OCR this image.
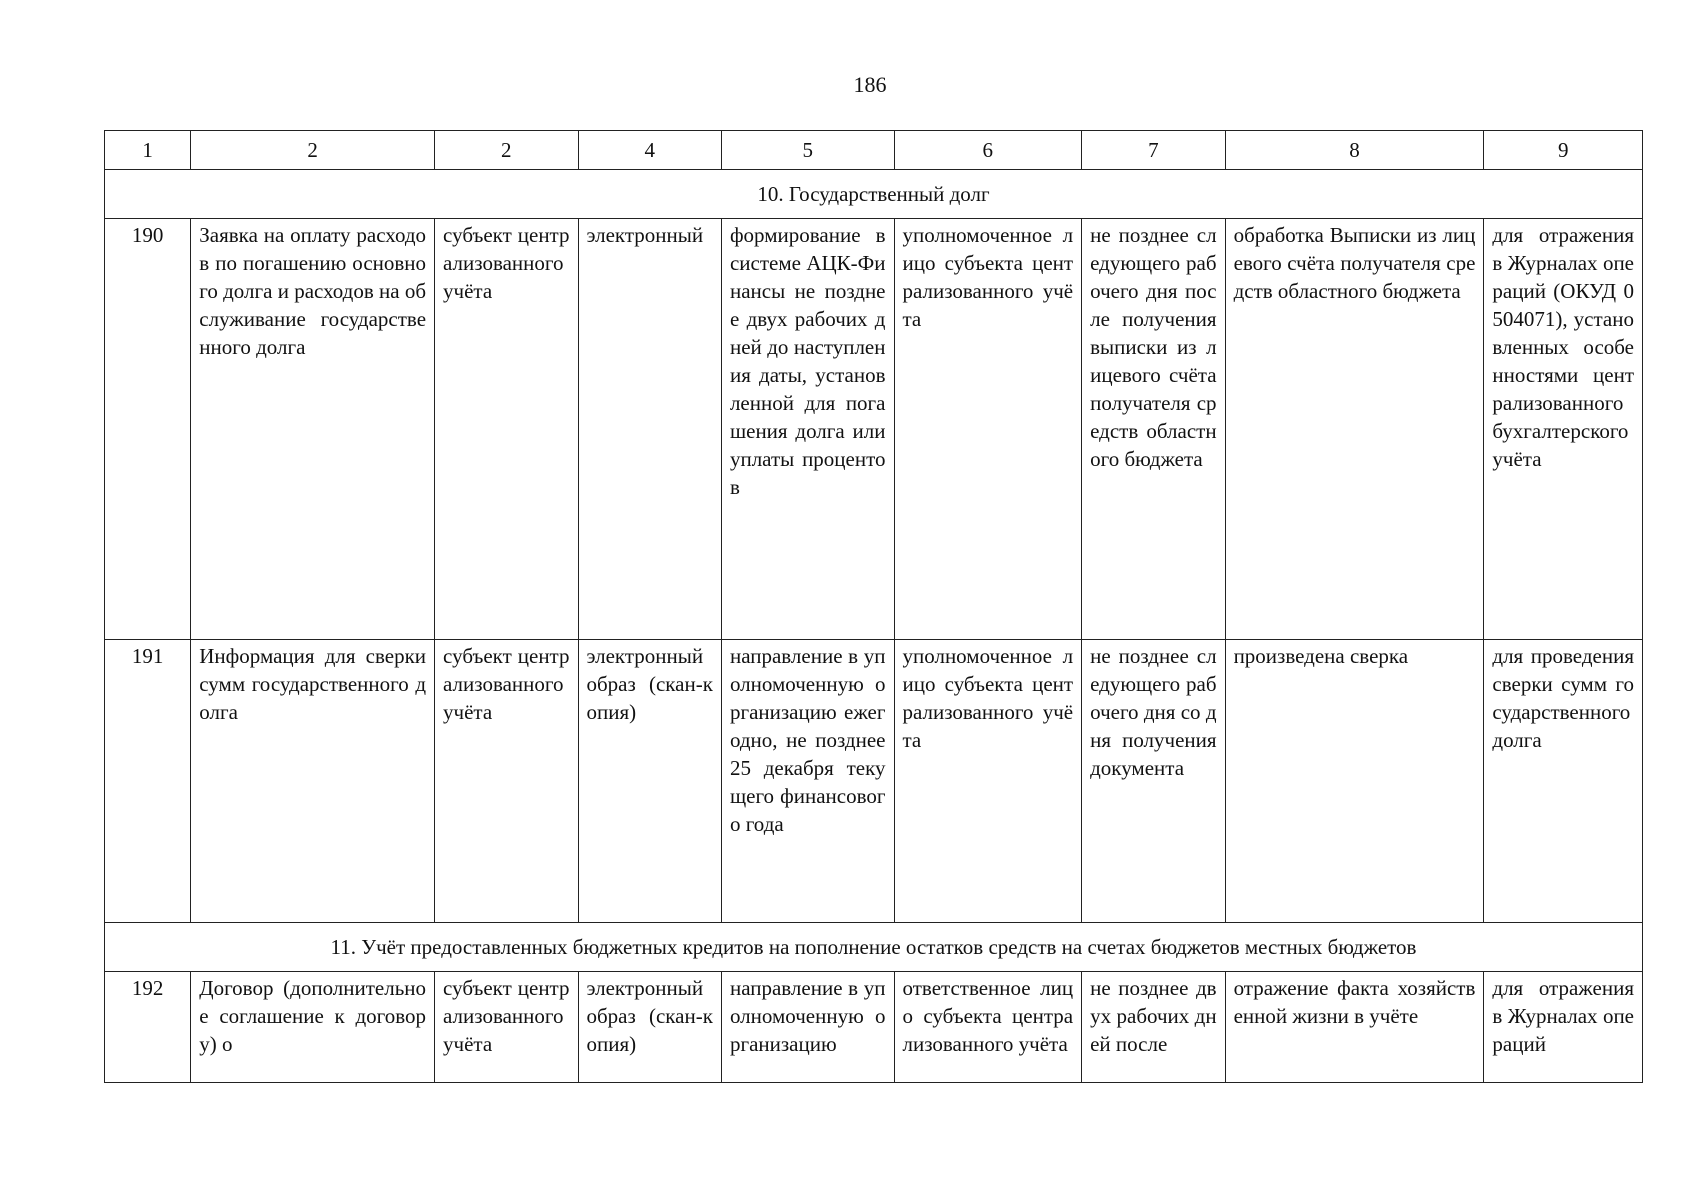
186
1	2	2	4	5	6	7	8	9
10. Государственный долг								
190	Заявка на оплату расходов по погашению основного долга и расходов на обслуживание государственного долга	субъект централизованного учёта	электронный	формирование в системе АЦК-Финансы не позднее двух рабочих дней до наступления даты, установленной для погашения долга или уплаты процентов	уполномоченное лицо субъекта централизованного учёта	не позднее следующего рабочего дня после получения выписки из лицевого счёта получателя средств областного бюджета	обработка Выписки из лицевого счёта получателя средств областного бюджета	для отражения в Журналах операций (ОКУД 0504071), установленных особенностями централизованного бухгалтерского учёта
191	Информация для сверки сумм государственного долга	субъект централизованного учёта	электронный образ (скан-копия)	направление в уполномоченную организацию ежегодно, не позднее 25 декабря текущего финансового года	уполномоченное лицо субъекта централизованного учёта	не позднее следующего рабочего дня со дня получения документа	произведена сверка	для проведения сверки сумм государственного долга
11. Учёт предоставленных бюджетных кредитов на пополнение остатков средств на счетах бюджетов местных бюджетов								
192	Договор (дополнительное соглашение к договору) о	субъект централизованного учёта	электронный образ (скан-копия)	направление в уполномоченную организацию	ответственное лицо субъекта централизованного учёта	не позднее двух рабочих дней после	отражение факта хозяйственной жизни в учёте	для отражения в Журналах операций
